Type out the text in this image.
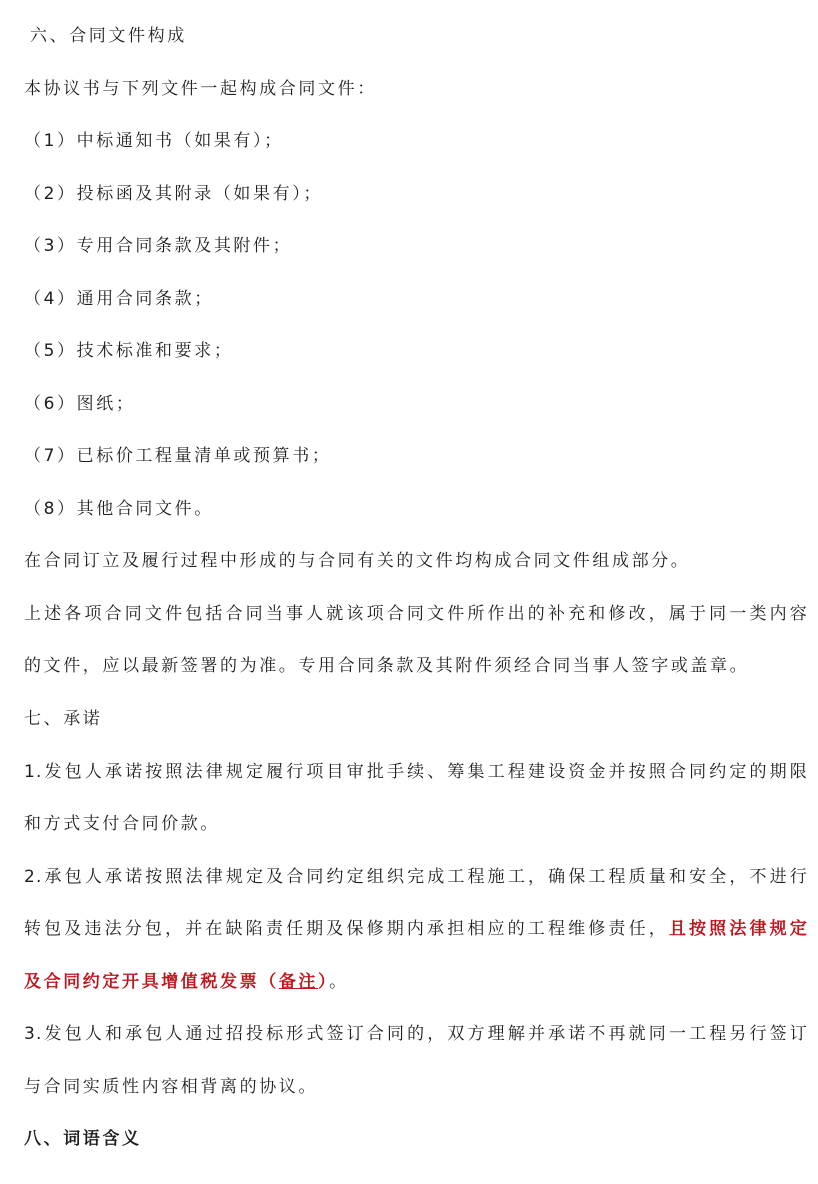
六、合同文件构成
本协议书与下列文件一起构成合同文件：
（1）中标通知书（如果有）；
（2）投标函及其附录（如果有）；
（3）专用合同条款及其附件；
（4）通用合同条款；
（5）技术标准和要求；
（6）图纸；
（7）已标价工程量清单或预算书；
（8）其他合同文件。
在合同订立及履行过程中形成的与合同有关的文件均构成合同文件组成部分。
上述各项合同文件包括合同当事人就该项合同文件所作出的补充和修改，属于同一类内容
的文件，应以最新签署的为准。专用合同条款及其附件须经合同当事人签字或盖章。
七、承诺
1.发包人承诺按照法律规定履行项目审批手续、筹集工程建设资金并按照合同约定的期限
和方式支付合同价款。
2.承包人承诺按照法律规定及合同约定组织完成工程施工，确保工程质量和安全，不进行
转包及违法分包，并在缺陷责任期及保修期内承担相应的工程维修责任，且按照法律规定
及合同约定开具增值税发票（备注）。
3.发包人和承包人通过招投标形式签订合同的，双方理解并承诺不再就同一工程另行签订
与合同实质性内容相背离的协议。
八、词语含义
